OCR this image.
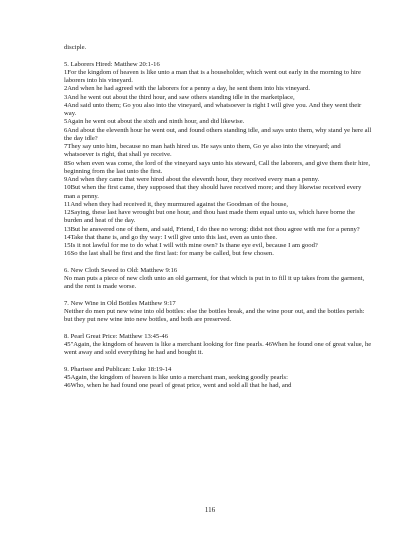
disciple.

5. Laborers Hired: Matthew 20:1-16

1For the kingdom of heaven is like unto a man that is a householder, which went out early in the morning to hire laborers into his vineyard.

2And when he had agreed with the laborers for a penny a day, he sent them into his vineyard.

3And he went out about the third hour, and saw others standing idle in the marketplace,

4And said unto them; Go you also into the vineyard, and whatsoever is right I will give you. And they went their way.

5Again he went out about the sixth and ninth hour, and did likewise.

6And about the eleventh hour he went out, and found others standing idle, and says unto them, why stand ye here all the day idle?

7They say unto him, because no man hath hired us. He says unto them, Go ye also into the vineyard; and whatsoever is right, that shall ye receive.

8So when even was come, the lord of the vineyard says unto his steward, Call the laborers, and give them their hire, beginning from the last unto the first.

9And when they came that were hired about the eleventh hour, they received every man a penny.

10But when the first came, they supposed that they should have received more; and they likewise received every man a penny.

11And when they had received it, they murmured against the Goodman of the house,

12Saying, these last have wrought but one hour, and thou hast made them equal unto us, which have borne the burden and heat of the day.

13But he answered one of them, and said, Friend, I do thee no wrong: didst not thou agree with me for a penny?

14Take that thane is, and go thy way: I will give unto this last, even as unto thee.

15Is it not lawful for me to do what I will with mine own? Is thane eye evil, because I am good?

16So the last shall be first and the first last: for many be called, but few chosen.

6. New Cloth Sewed to Old: Matthew 9:16

No man puts a piece of new cloth unto an old garment, for that which is put in to fill it up takes from the garment, and the rent is made worse.

7. New Wine in Old Bottles Matthew 9:17

Neither do men put new wine into old bottles: else the bottles break, and the wine pour out, and the bottles perish: but they put new wine into new bottles, and both are preserved.

8. Pearl Great Price: Matthew 13:45-46

45"Again, the kingdom of heaven is like a merchant looking for fine pearls. 46When he found one of great value, he went away and sold everything he had and bought it.

9. Pharisee and Publican: Luke 18:19-14

45Again, the kingdom of heaven is like unto a merchant man, seeking goodly pearls:

46Who, when he had found one pearl of great price, went and sold all that he had, and

116
